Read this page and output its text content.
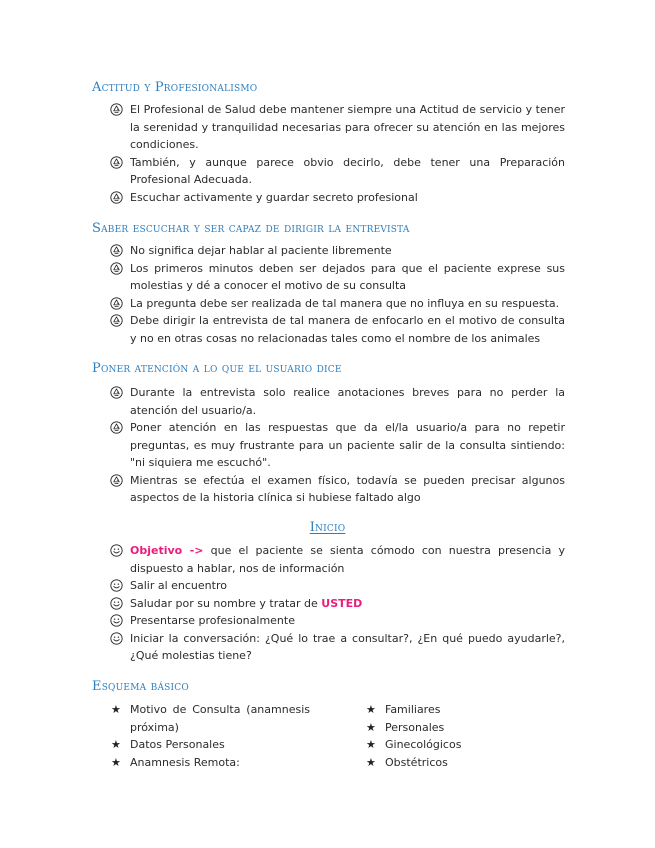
Actitud y Profesionalismo
El Profesional de Salud debe mantener siempre una Actitud de servicio y tener la serenidad y tranquilidad necesarias para ofrecer su atención en las mejores condiciones.
También, y aunque parece obvio decirlo, debe tener una Preparación Profesional Adecuada.
Escuchar activamente y guardar secreto profesional
Saber escuchar y ser capaz de dirigir la entrevista
No significa dejar hablar al paciente libremente
Los primeros minutos deben ser dejados para que el paciente exprese sus molestias y dé a conocer el motivo de su consulta
La pregunta debe ser realizada de tal manera que no influya en su respuesta.
Debe dirigir la entrevista de tal manera de enfocarlo en el motivo de consulta y no en otras cosas no relacionadas tales como el nombre de los animales
Poner atención a lo que el usuario dice
Durante la entrevista solo realice anotaciones breves para no perder la atención del usuario/a.
Poner atención en las respuestas que da el/la usuario/a para no repetir preguntas, es muy frustrante para un paciente salir de la consulta sintiendo: "ni siquiera me escuchó".
Mientras se efectúa el examen físico, todavía se pueden precisar algunos aspectos de la historia clínica si hubiese faltado algo
Inicio
Objetivo -> que el paciente se sienta cómodo con nuestra presencia y dispuesto a hablar, nos de información
Salir al encuentro
Saludar por su nombre y tratar de USTED
Presentarse profesionalmente
Iniciar la conversación: ¿Qué lo trae a consultar?, ¿En qué puedo ayudarle?, ¿Qué molestias tiene?
Esquema básico
★ Motivo de Consulta (anamnesis próxima)
★ Datos Personales
★ Anamnesis Remota:
★ Familiares
★ Personales
★ Ginecológicos
★ Obstétricos
